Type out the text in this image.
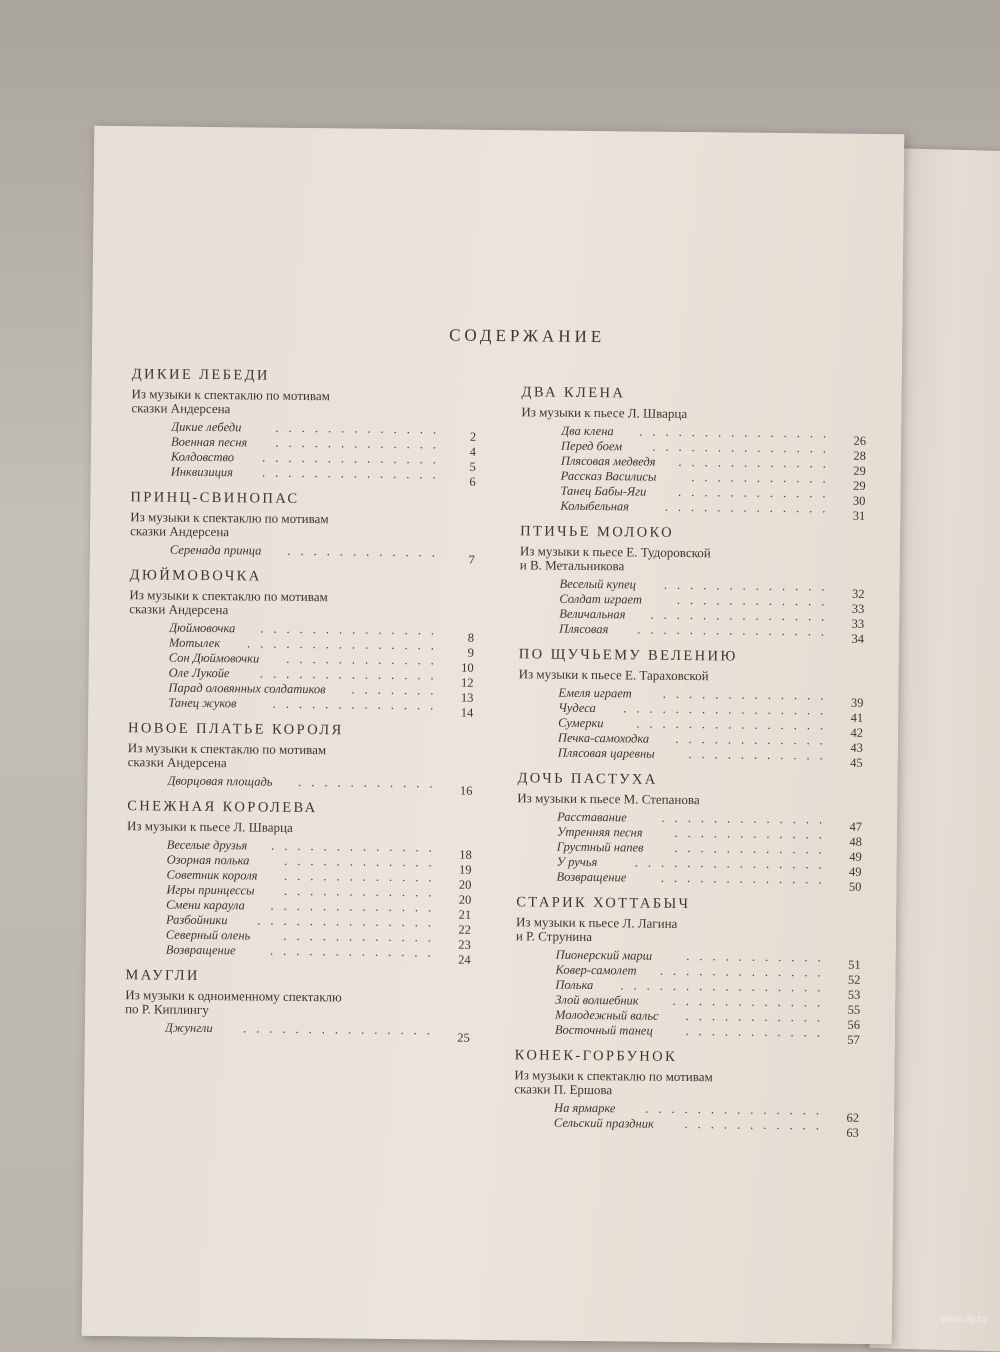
СОДЕРЖАНИЕ
ДИКИЕ ЛЕБЕДИ
Из музыки к спектаклю по мотивам
сказки Андерсена
Дикие лебеди
2
.............
Военная песня
4
.............
Колдовство
5
..............
Инквизиция
6
..............
ПРИНЦ-СВИНОПАС
Из музыки к спектаклю по мотивам
сказки Андерсена
Серенада принца
7
............
ДЮЙМОВОЧКА
Из музыки к спектаклю по мотивам
сказки Андерсена
Дюймовочка
8
..............
Мотылек
9
...............
Сон Дюймовочки
10
............
Оле Лукойе
12
..............
Парад оловянных солдатиков
13
.......
Танец жуков
14
.............
НОВОЕ ПЛАТЬЕ КОРОЛЯ
Из музыки к спектаклю по мотивам
сказки Андерсена
Дворцовая площадь
16
...........
СНЕЖНАЯ КОРОЛЕВА
Из музыки к пьесе Л. Шварца
Веселые друзья
18
.............
Озорная полька
19
............
Советник короля
20
............
Игры принцессы
20
............
Смени караула
21
.............
Разбойники
22
..............
Северный олень
23
............
Возвращение
24
.............
МАУГЛИ
Из музыки к одноименному спектаклю
по Р. Киплингу
Джунгли
25
...............
ДВА КЛЕНА
Из музыки к пьесе Л. Шварца
Два клена
26
...............
Перед боем
28
..............
Плясовая медведя
29
............
Рассказ Василисы
29
...........
Танец Бабы-Яги
30
............
Колыбельная
31
.............
ПТИЧЬЕ МОЛОКО
Из музыки к пьесе Е. Тудоровской
и В. Метальникова
Веселый купец
32
.............
Солдат играет
33
............
Величальная
33
..............
Плясовая
34
...............
ПО ЩУЧЬЕМУ ВЕЛЕНИЮ
Из музыки к пьесе Е. Тараховской
Емеля играет
39
.............
Чудеса
41
................
Сумерки
42
...............
Печка-самоходка
43
............
Плясовая царевны
45
...........
ДОЧЬ ПАСТУХА
Из музыки к пьесе М. Степанова
Расставание
47
.............
Утренняя песня
48
............
Грустный напев
49
............
У ручья
49
...............
Возвращение
50
.............
СТАРИК ХОТТАБЫЧ
Из музыки к пьесе Л. Лагина
и Р. Струнина
Пионерский марш
51
...........
Ковер-самолет
52
.............
Полька
53
................
Злой волшебник
55
............
Молодежный вальс
56
...........
Восточный танец
57
...........
КОНЕК-ГОРБУНОК
Из музыки к спектаклю по мотивам
сказки П. Ершова
На ярмарке
62
..............
Сельский праздник
63
...........
www.ay.by
